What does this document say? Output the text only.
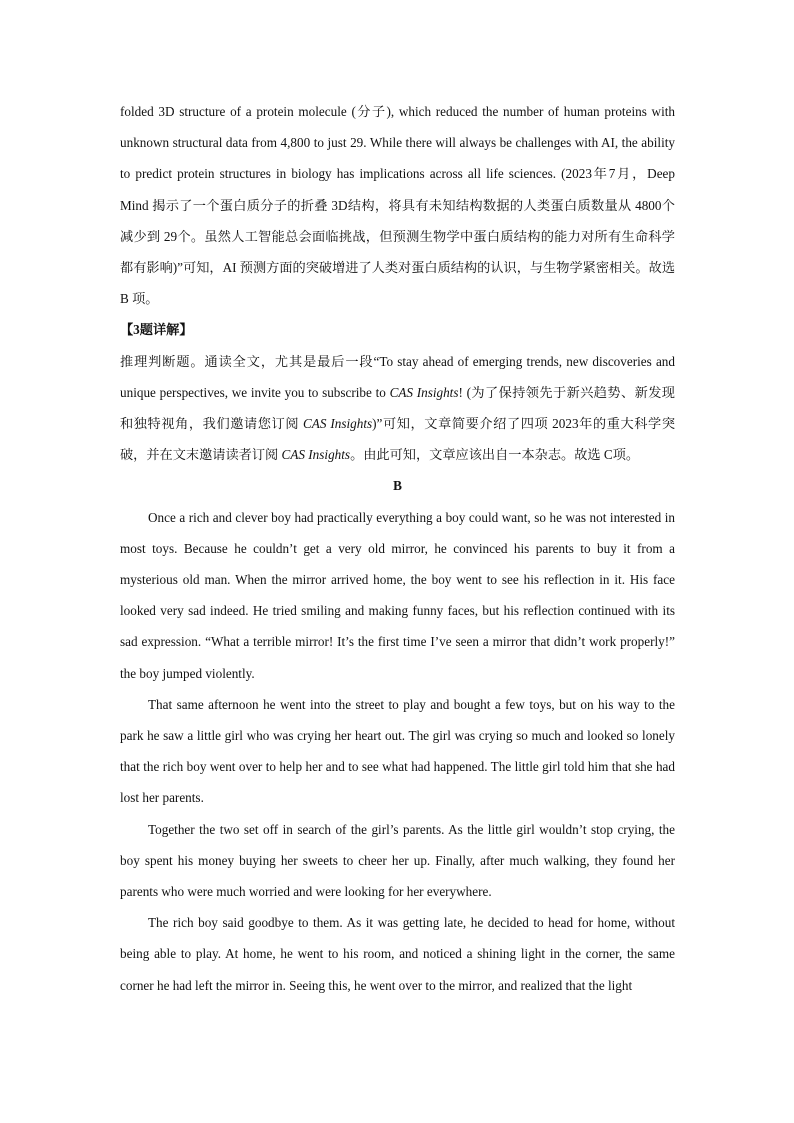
folded 3D structure of a protein molecule (分子), which reduced the number of human proteins with unknown structural data from 4,800 to just 29. While there will always be challenges with AI, the ability to predict protein structures in biology has implications across all life sciences. (2023年7月，Deep Mind 揭示了一个蛋白质分子的折叠 3D结构，将具有未知结构数据的人类蛋白质数量从 4800个减少到 29个。虽然人工智能总会面临挑战，但预测生物学中蛋白质结构的能力对所有生命科学都有影响)”可知，AI 预测方面的突破增进了人类对蛋白质结构的认识，与生物学紧密相关。故选 B 项。

【3题详解】

推理判断题。通读全文，尤其是最后一段“To stay ahead of emerging trends, new discoveries and unique perspectives, we invite you to subscribe to CAS Insights! (为了保持领先于新兴趋势、新发现和独特视角，我们邀请您订阅 CAS Insights)”可知，文章简要介绍了四项 2023年的重大科学突破，并在文末邀请读者订阅 CAS Insights。由此可知，文章应该出自一本杂志。故选 C项。

B

Once a rich and clever boy had practically everything a boy could want, so he was not interested in most toys. Because he couldn’t get a very old mirror, he convinced his parents to buy it from a mysterious old man. When the mirror arrived home, the boy went to see his reflection in it. His face looked very sad indeed. He tried smiling and making funny faces, but his reflection continued with its sad expression. “What a terrible mirror! It’s the first time I’ve seen a mirror that didn’t work properly!” the boy jumped violently.

That same afternoon he went into the street to play and bought a few toys, but on his way to the park he saw a little girl who was crying her heart out. The girl was crying so much and looked so lonely that the rich boy went over to help her and to see what had happened. The little girl told him that she had lost her parents.

Together the two set off in search of the girl’s parents. As the little girl wouldn’t stop crying, the boy spent his money buying her sweets to cheer her up. Finally, after much walking, they found her parents who were much worried and were looking for her everywhere.

The rich boy said goodbye to them. As it was getting late, he decided to head for home, without being able to play. At home, he went to his room, and noticed a shining light in the corner, the same corner he had left the mirror in. Seeing this, he went over to the mirror, and realized that the light
